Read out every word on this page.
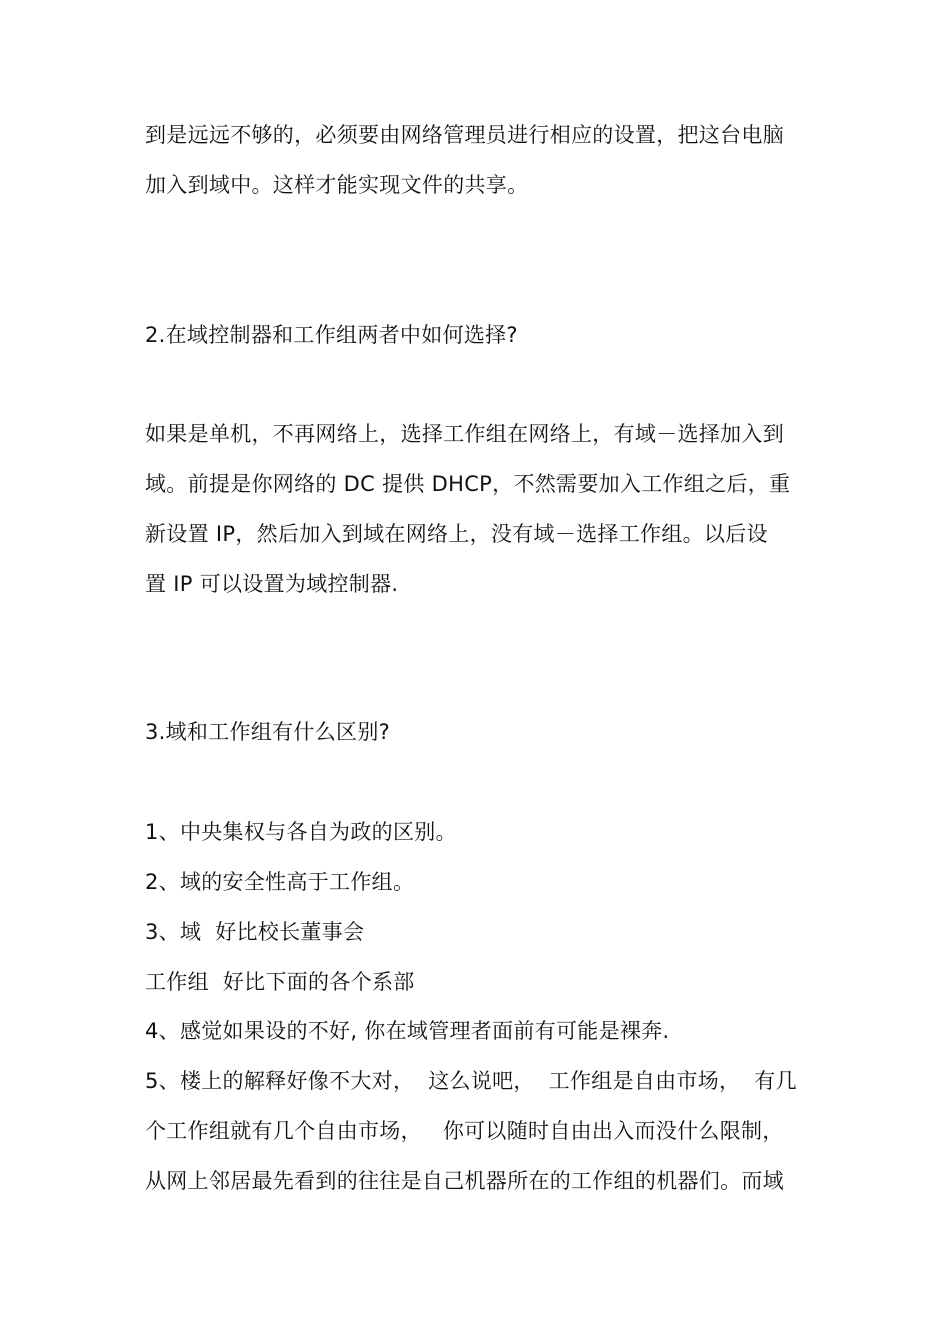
到是远远不够的，必须要由网络管理员进行相应的设置，把这台电脑
加入到域中。这样才能实现文件的共享。
2.在域控制器和工作组两者中如何选择?
如果是单机，不再网络上，选择工作组在网络上，有域－选择加入到
域。前提是你网络的 DC 提供 DHCP，不然需要加入工作组之后，重
新设置 IP，然后加入到域在网络上，没有域－选择工作组。以后设
置 IP 可以设置为域控制器.
3.域和工作组有什么区别?
1、中央集权与各自为政的区别。
2、域的安全性高于工作组。
3、域  好比校长董事会
工作组  好比下面的各个系部
4、感觉如果设的不好, 你在域管理者面前有可能是裸奔.
5、楼上的解释好像不大对，  这么说吧，  工作组是自由市场，  有几
个工作组就有几个自由市场，   你可以随时自由出入而没什么限制，
从网上邻居最先看到的往往是自己机器所在的工作组的机器们。而域
